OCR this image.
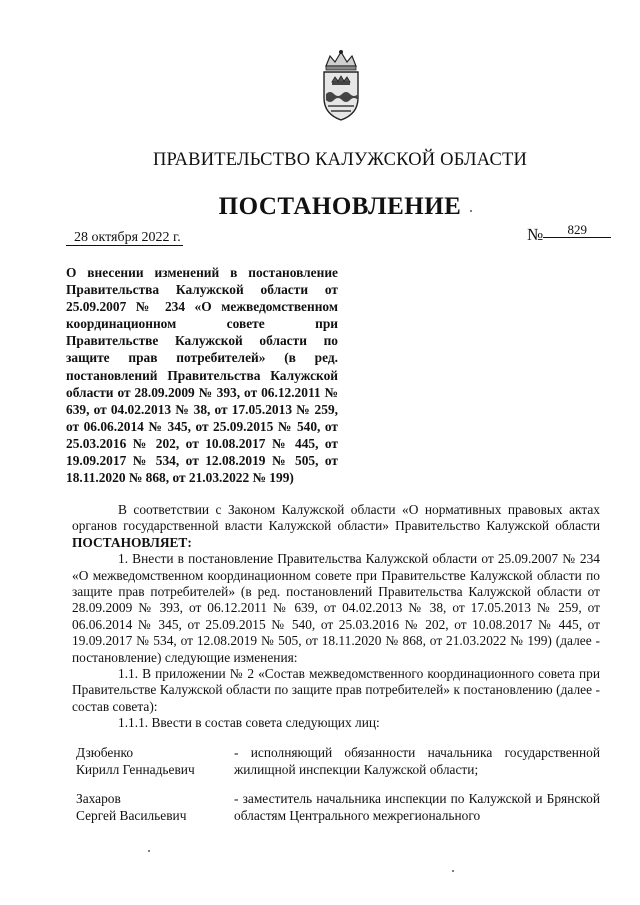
ПРАВИТЕЛЬСТВО КАЛУЖСКОЙ ОБЛАСТИ
ПОСТАНОВЛЕНИЕ
28 октября 2022 г.	№ 829

О внесении изменений в постановление Правительства Калужской области от 25.09.2007 № 234 «О межведомственном координационном совете при Правительстве Калужской области по защите прав потребителей» (в ред. постановлений Правительства Калужской области от 28.09.2009 № 393, от 06.12.2011 № 639, от 04.02.2013 № 38, от 17.05.2013 № 259, от 06.06.2014 № 345, от 25.09.2015 № 540, от 25.03.2016 № 202, от 10.08.2017 № 445, от 19.09.2017 № 534, от 12.08.2019 № 505, от 18.11.2020 № 868, от 21.03.2022 № 199)

В соответствии с Законом Калужской области «О нормативных правовых актах органов государственной власти Калужской области» Правительство Калужской области ПОСТАНОВЛЯЕТ:

1. Внести в постановление Правительства Калужской области от 25.09.2007 № 234 «О межведомственном координационном совете при Правительстве Калужской области по защите прав потребителей» (в ред. постановлений Правительства Калужской области от 28.09.2009 № 393, от 06.12.2011 № 639, от 04.02.2013 № 38, от 17.05.2013 № 259, от 06.06.2014 № 345, от 25.09.2015 № 540, от 25.03.2016 № 202, от 10.08.2017 № 445, от 19.09.2017 № 534, от 12.08.2019 № 505, от 18.11.2020 № 868, от 21.03.2022 № 199) (далее - постановление) следующие изменения:

1.1. В приложении № 2 «Состав межведомственного координационного совета при Правительстве Калужской области по защите прав потребителей» к постановлению (далее - состав совета):

1.1.1. Ввести в состав совета следующих лиц:

Дзюбенко
Кирилл Геннадьевич
- исполняющий обязанности начальника государственной жилищной инспекции Калужской области;
Захаров
Сергей Васильевич
- заместитель начальника инспекции по Калужской и Брянской областям Центрального межрегионального
